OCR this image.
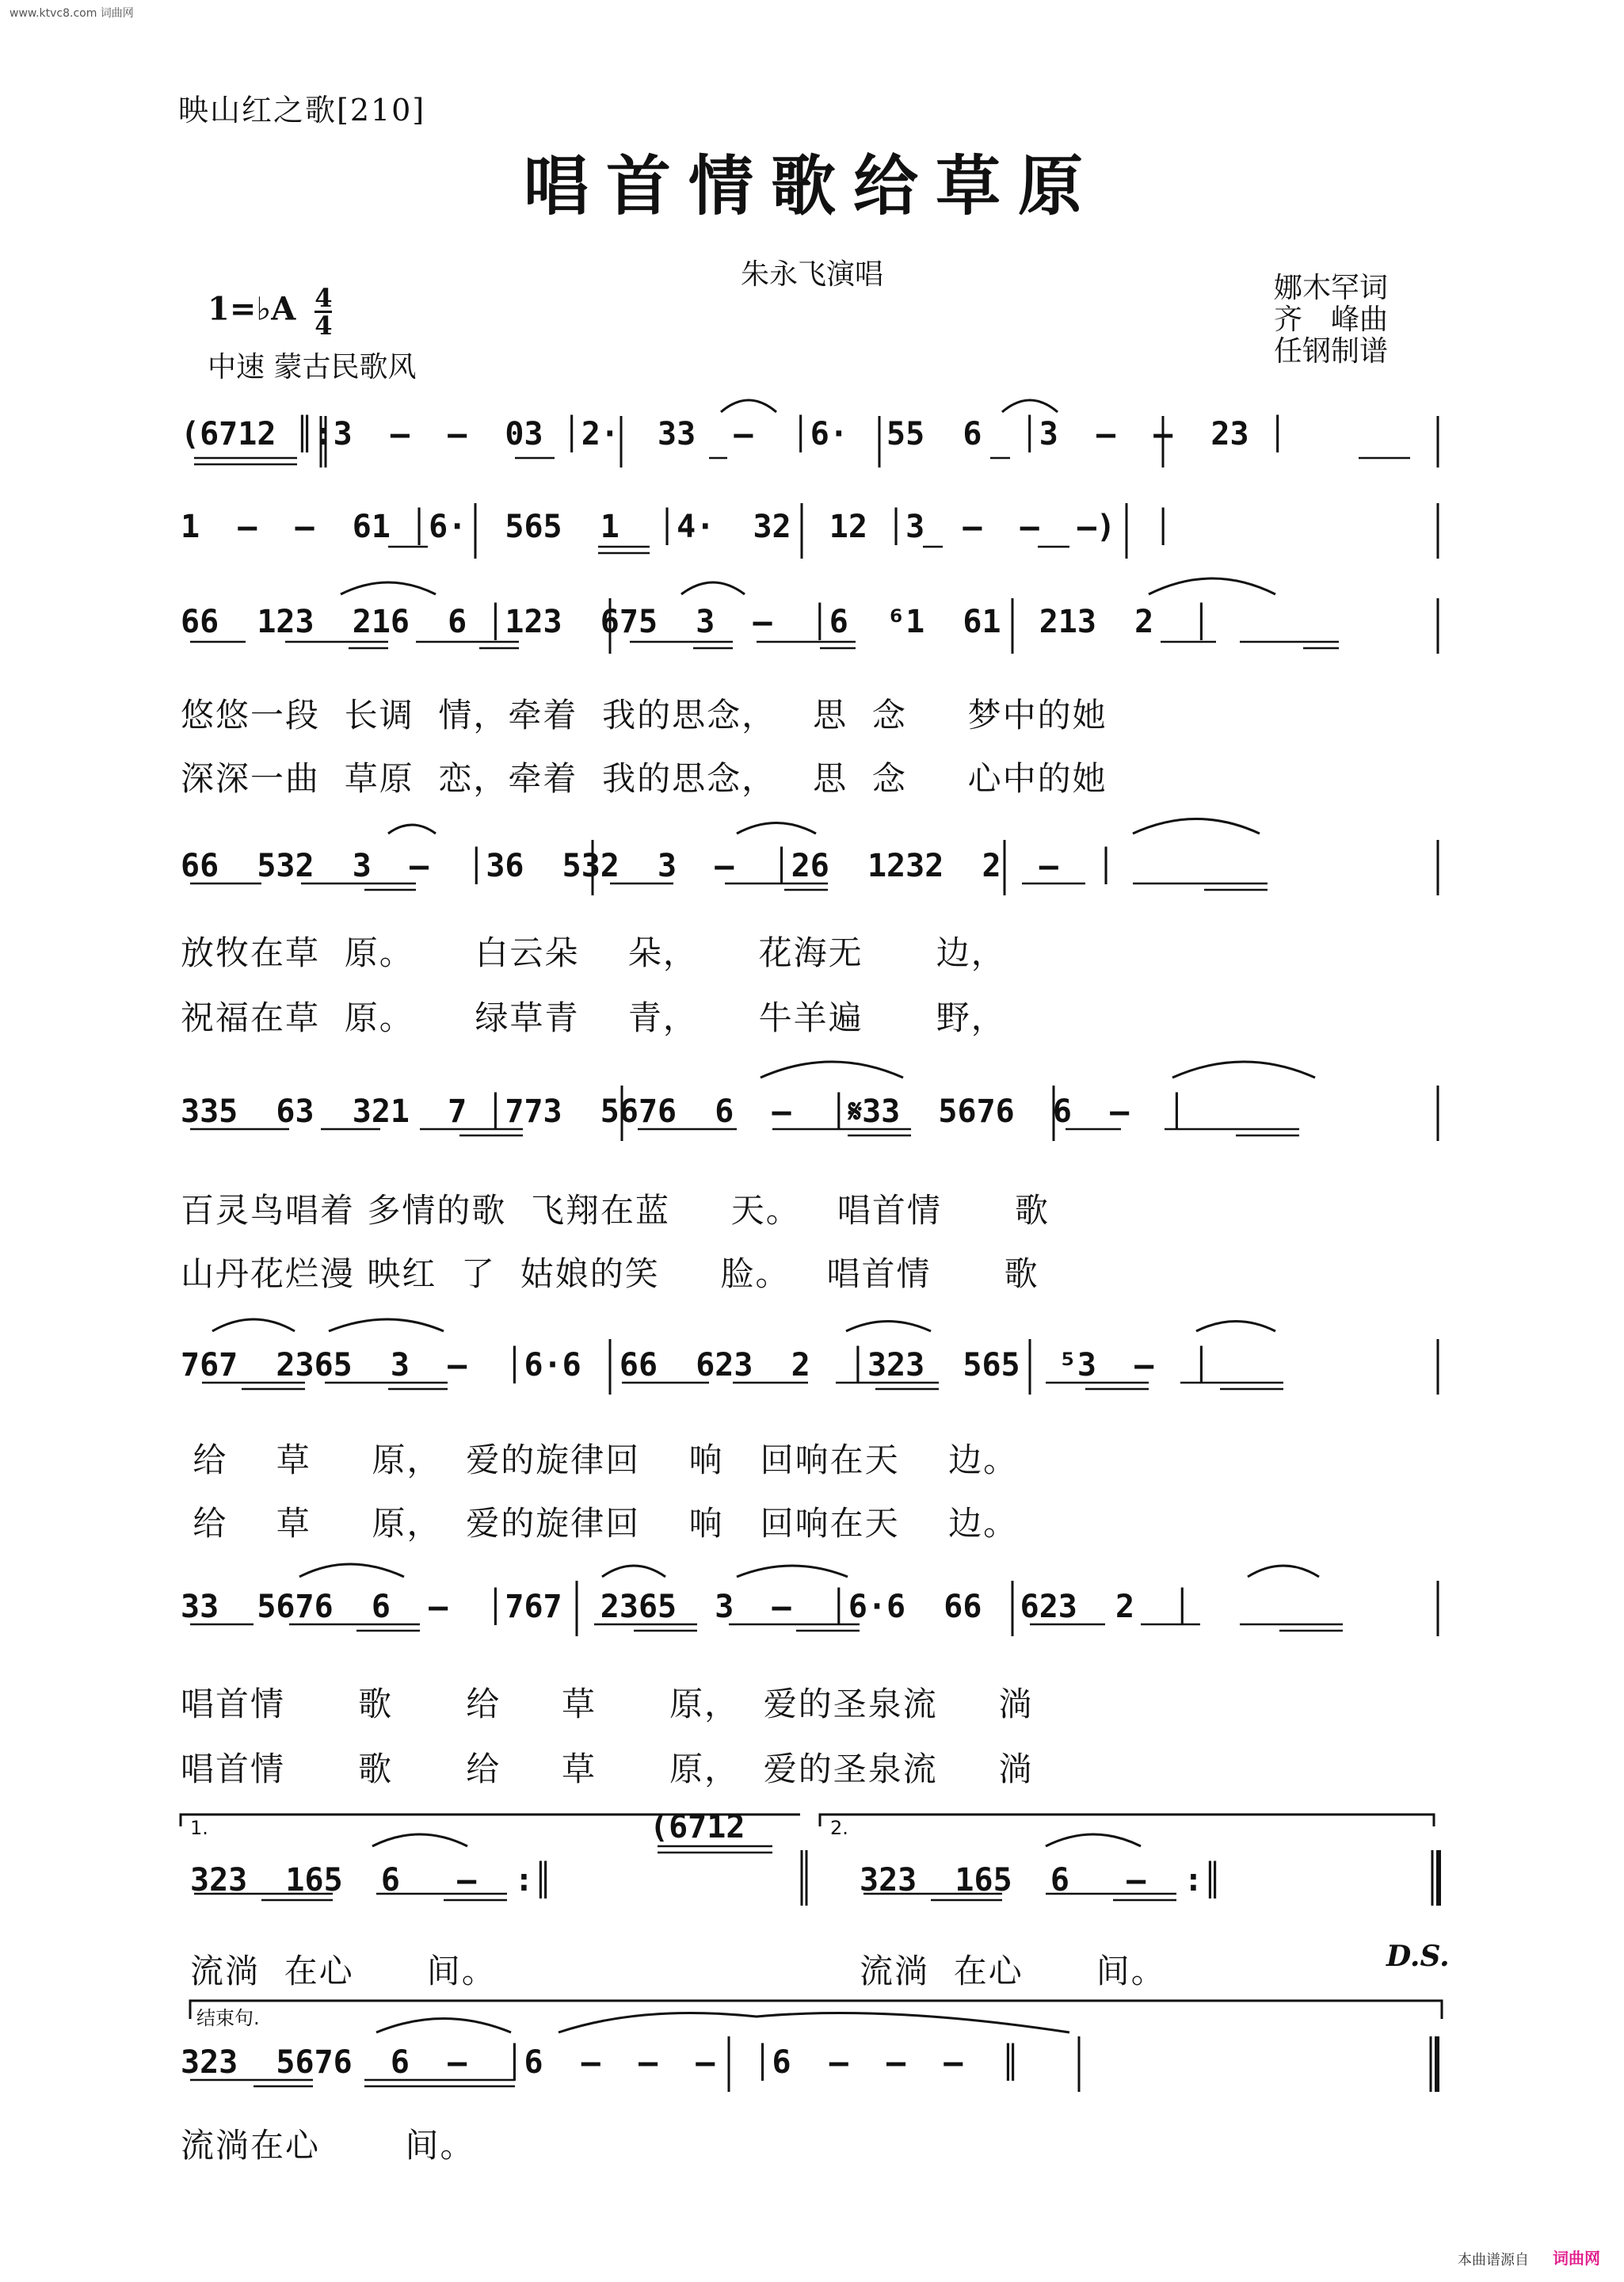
www.ktvc8.com 词曲网
映山红之歌[210]
唱首情歌给草原
朱永飞演唱	娜木罕词
齐　峰曲
任钢制谱
1=♭A $\frac{4}{4}$
中速 蒙古民歌风
(6712 ║:3  –  –  03 │2·  33  –  │6·  55  6  │3  –  –  23 │
1  –  –  61 │6·  565  1  │4·  32  12 │3  –  –  –)  │
66  123  216  6 │123  675  3  –  │6  ⁶1  61  213  2  │
悠悠一段  长调  情，牵着  我的思念，   思  念     梦中的她
深深一曲  草原  恋，牵着  我的思念，   思  念     心中的她
66  532  3  –  │36  532  3  –  │26  1232  2  –  │
放牧在草  原。     白云朵    朵，     花海无      边，
祝福在草  原。     绿草青    青，     牛羊遍      野，
335  63  321  7 │773  5676  6  –  │𝄋33  5676  6  –  │
百灵鸟唱着 多情的歌  飞翔在蓝     天。   唱首情      歌
山丹花烂漫 映红  了  姑娘的笑     脸。   唱首情      歌
767  2365  3  –  │6·6  66  623  2  │323  565  ⁵3  –  │
给    草     原，  爱的旋律回    响   回响在天    边。
给    草     原，  爱的旋律回    响   回响在天    边。
33  5676  6  –  │767  2365  3  –  │6·6  66  623  2  │
唱首情      歌      给     草      原，  爱的圣泉流     淌
唱首情      歌      给     草      原，  爱的圣泉流     淌
1.	2.
(6712
323  165  6   –  :║	323  165  6   –  :║
流淌  在心      间。	流淌  在心      间。	D.S.
结束句.
323  5676  6  –  │6  –  –  –  │6  –  –  –  ║
流淌在心       间。
本曲谱源自 词曲网
